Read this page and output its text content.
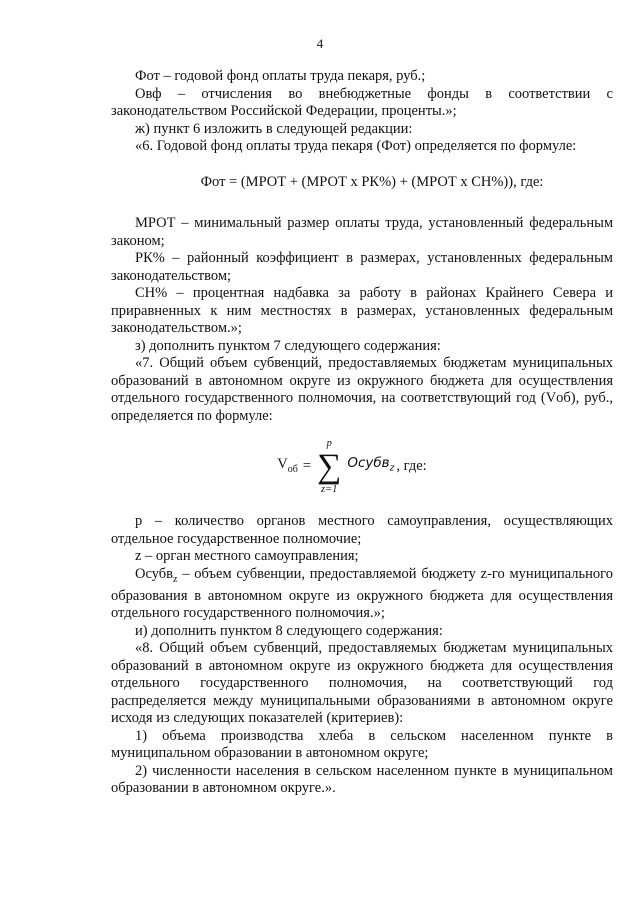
4

Фот – годовой фонд оплаты труда пекаря, руб.;

Овф – отчисления во внебюджетные фонды в соответствии с законодательством Российской Федерации, проценты.»;

ж) пункт 6 изложить в следующей редакции:

«6. Годовой фонд оплаты труда пекаря (Фот) определяется по формуле:

Фот = (МРОТ + (МРОТ x РК%) + (МРОТ x СН%)), где:

МРОТ – минимальный размер оплаты труда, установленный федеральным законом;

РК% – районный коэффициент в размерах, установленных федеральным законодательством;

СН% – процентная надбавка за работу в районах Крайнего Севера и приравненных к ним местностях в размерах, установленных федеральным законодательством.»;

з) дополнить пунктом 7 следующего содержания:

«7. Общий объем субвенций, предоставляемых бюджетам муниципальных образований в автономном округе из окружного бюджета для осуществления отдельного государственного полномочия, на соответствующий год (Vоб), руб., определяется по формуле:

$V_{об}$ =
p
∑
z=1
Осубв$_z$ , где:

p – количество органов местного самоуправления, осуществляющих отдельное государственное полномочие;

z – орган местного самоуправления;

Осубв$_z$ – объем субвенции, предоставляемой бюджету z-го муниципального образования в автономном округе из окружного бюджета для осуществления отдельного государственного полномочия.»;

и) дополнить пунктом 8 следующего содержания:

«8. Общий объем субвенций, предоставляемых бюджетам муниципальных образований в автономном округе из окружного бюджета для осуществления отдельного государственного полномочия, на соответствующий год распределяется между муниципальными образованиями в автономном округе исходя из следующих показателей (критериев):

1) объема производства хлеба в сельском населенном пункте в муниципальном образовании в автономном округе;

2) численности населения в сельском населенном пункте в муниципальном образовании в автономном округе.».
